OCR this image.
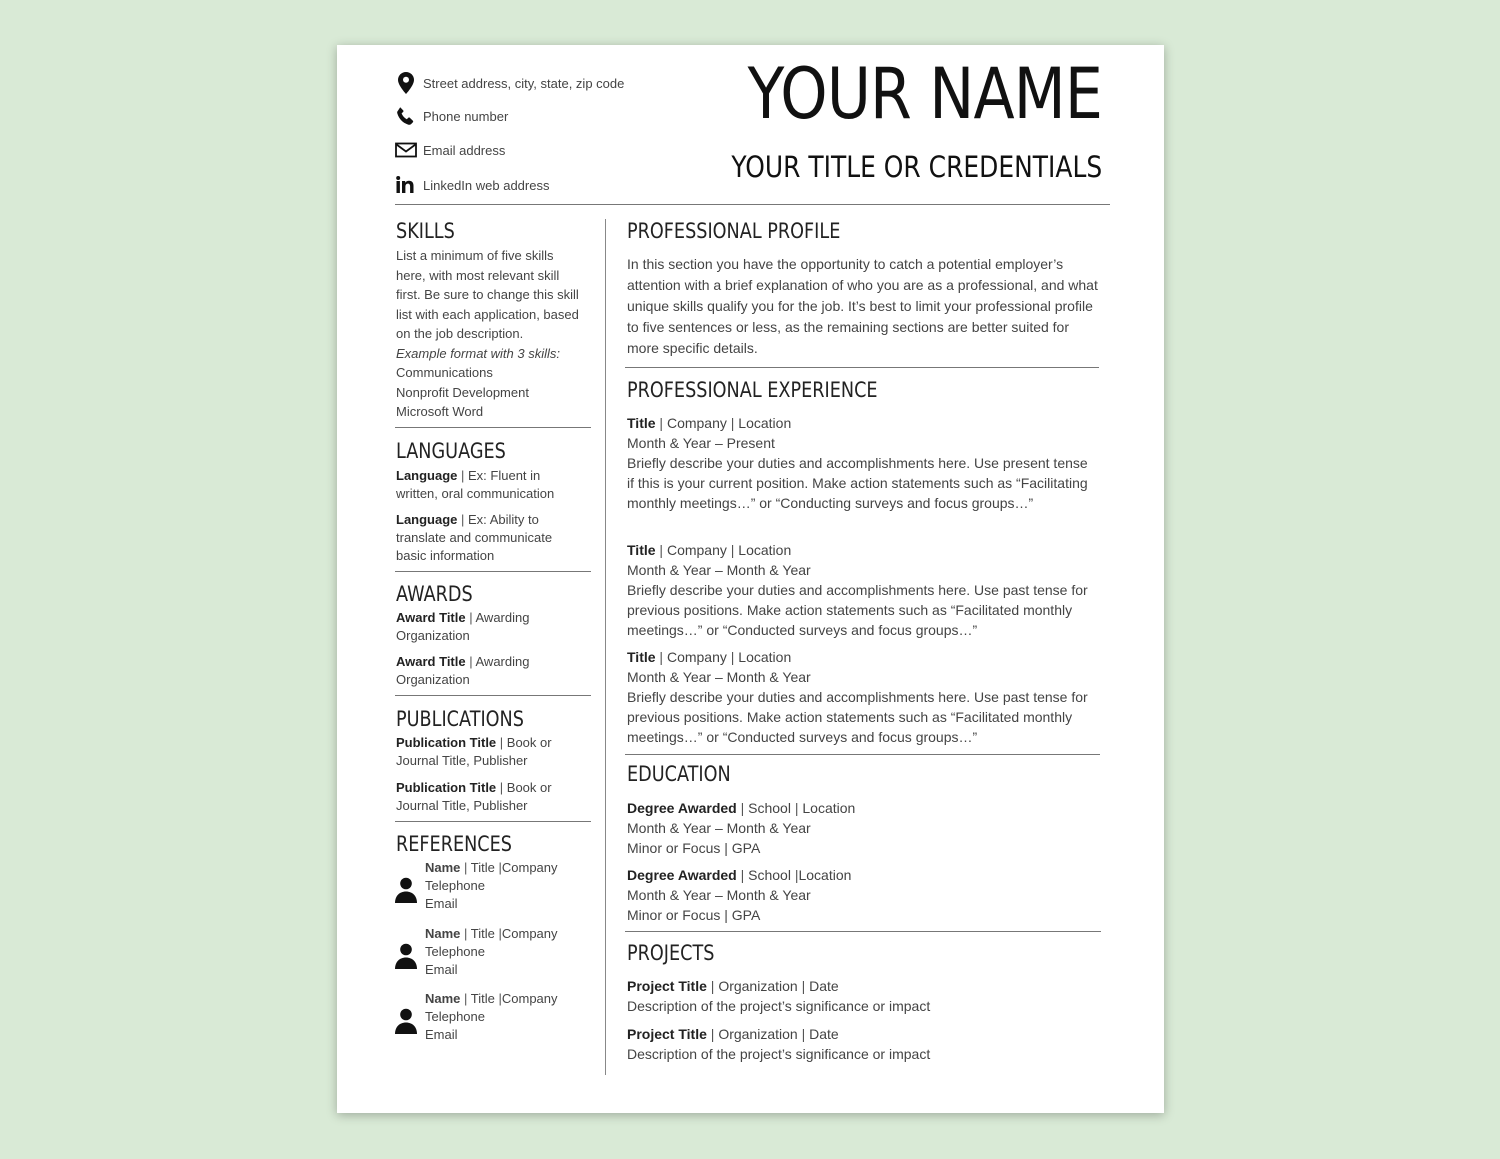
Street address, city, state, zip code
Phone number
Email address
LinkedIn web address
YOUR NAME
YOUR TITLE OR CREDENTIALS
SKILLS

List a minimum of five skills here, with most relevant skill first. Be sure to change this skill list with each application, based on the job description.

Example format with 3 skills:

Communications

Nonprofit Development

Microsoft Word

LANGUAGES
Language | Ex: Fluent in written, oral communication
Language | Ex: Ability to translate and communicate basic information
AWARDS
Award Title | Awarding Organization
Award Title | Awarding Organization
PUBLICATIONS
Publication Title | Book or Journal Title, Publisher
Publication Title | Book or Journal Title, Publisher
REFERENCES
Name | Title |Company
Telephone
Email
Name | Title |Company
Telephone
Email
Name | Title |Company
Telephone
Email
PROFESSIONAL PROFILE

In this section you have the opportunity to catch a potential employer’s attention with a brief explanation of who you are as a professional, and what unique skills qualify you for the job. It’s best to limit your professional profile to five sentences or less, as the remaining sections are better suited for more specific details.

PROFESSIONAL EXPERIENCE

Title | Company | Location

Month & Year – Present

Briefly describe your duties and accomplishments here. Use present tense if this is your current position. Make action statements such as “Facilitating monthly meetings…” or “Conducting surveys and focus groups…”

Title | Company | Location

Month & Year – Month & Year

Briefly describe your duties and accomplishments here. Use past tense for previous positions. Make action statements such as “Facilitated monthly meetings…” or “Conducted surveys and focus groups…”

Title | Company | Location

Month & Year – Month & Year

Briefly describe your duties and accomplishments here. Use past tense for previous positions. Make action statements such as “Facilitated monthly meetings…” or “Conducted surveys and focus groups…”

EDUCATION

Degree Awarded | School | Location

Month & Year – Month & Year

Minor or Focus | GPA

Degree Awarded | School |Location

Month & Year – Month & Year

Minor or Focus | GPA

PROJECTS

Project Title | Organization | Date

Description of the project’s significance or impact

Project Title | Organization | Date

Description of the project’s significance or impact
